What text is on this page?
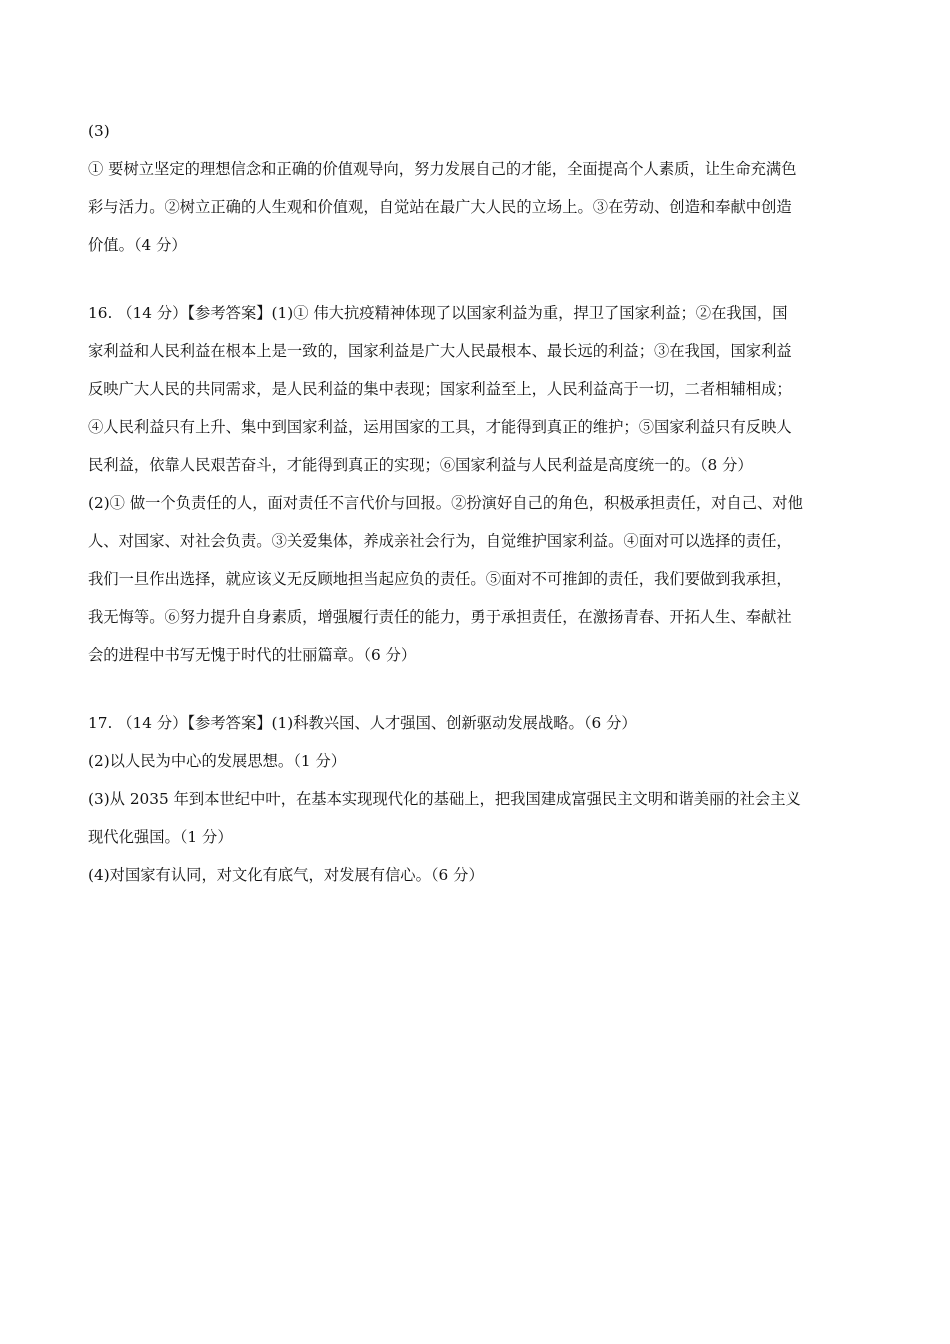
(3)
① 要树立坚定的理想信念和正确的价值观导向，努力发展自己的才能，全面提高个人素质，让生命充满色
彩与活力。②树立正确的人生观和价值观，自觉站在最广大人民的立场上。③在劳动、创造和奉献中创造
价值。（4 分）
16. （14 分）【参考答案】(1)① 伟大抗疫精神体现了以国家利益为重，捍卫了国家利益；②在我国，国
家利益和人民利益在根本上是一致的，国家利益是广大人民最根本、最长远的利益；③在我国，国家利益
反映广大人民的共同需求，是人民利益的集中表现；国家利益至上，人民利益高于一切，二者相辅相成；
④人民利益只有上升、集中到国家利益，运用国家的工具，才能得到真正的维护；⑤国家利益只有反映人
民利益，依靠人民艰苦奋斗，才能得到真正的实现；⑥国家利益与人民利益是高度统一的。（8 分）
(2)① 做一个负责任的人，面对责任不言代价与回报。②扮演好自己的角色，积极承担责任，对自己、对他
人、对国家、对社会负责。③关爱集体，养成亲社会行为，自觉维护国家利益。④面对可以选择的责任，
我们一旦作出选择，就应该义无反顾地担当起应负的责任。⑤面对不可推卸的责任，我们要做到我承担，
我无悔等。⑥努力提升自身素质，增强履行责任的能力，勇于承担责任，在激扬青春、开拓人生、奉献社
会的进程中书写无愧于时代的壮丽篇章。（6 分）
17. （14 分）【参考答案】(1)科教兴国、人才强国、创新驱动发展战略。（6 分）
(2)以人民为中心的发展思想。（1 分）
(3)从 2035 年到本世纪中叶，在基本实现现代化的基础上，把我国建成富强民主文明和谐美丽的社会主义
现代化强国。（1 分）
(4)对国家有认同，对文化有底气，对发展有信心。（6 分）
